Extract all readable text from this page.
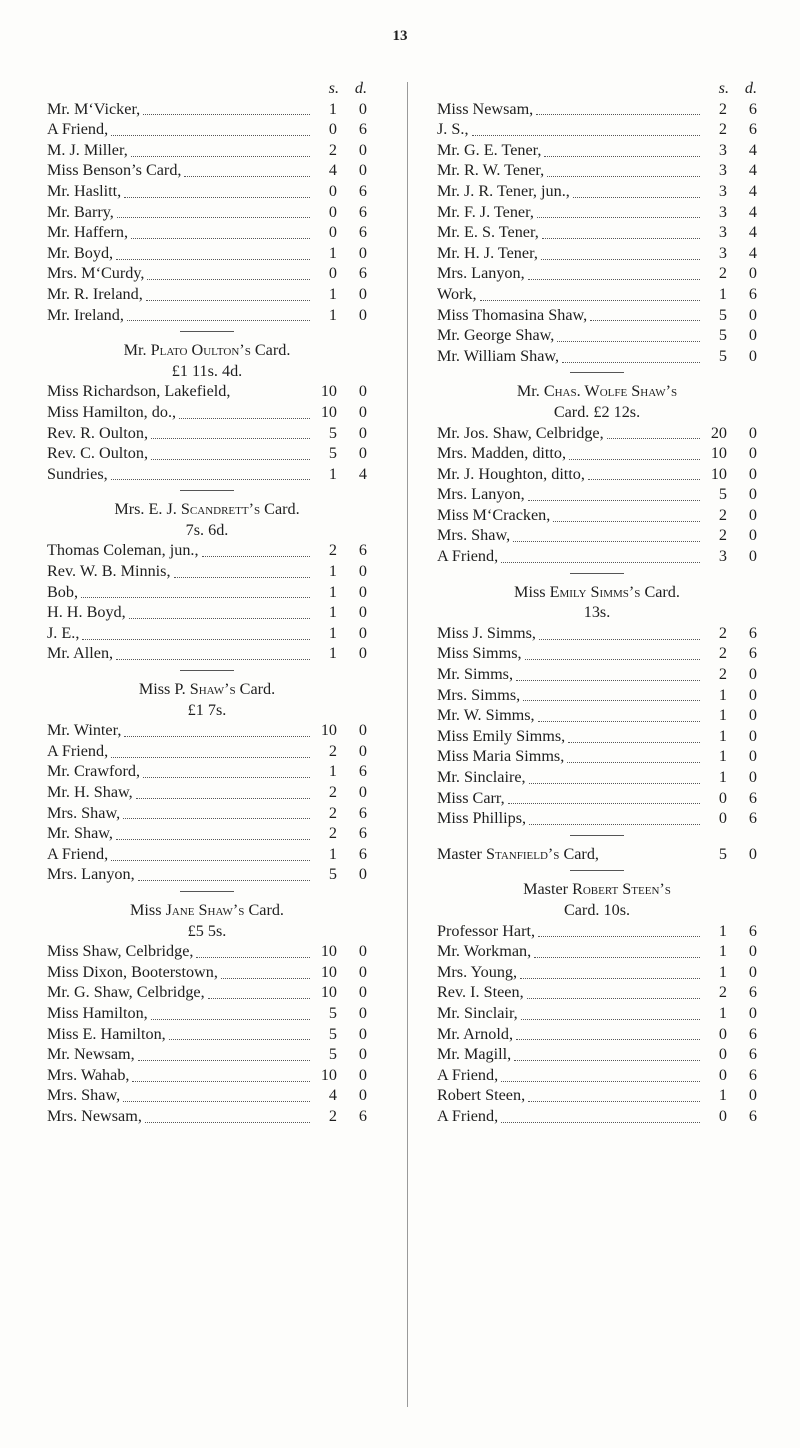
13
s. d.
Mr. M‘Vicker,	1	0
A Friend,	0	6
M. J. Miller,	2	0
Miss Benson’s Card,	4	0
Mr. Haslitt,	0	6
Mr. Barry,	0	6
Mr. Haffern,	0	6
Mr. Boyd,	1	0
Mrs. M‘Curdy,	0	6
Mr. R. Ireland,	1	0
Mr. Ireland,	1	0
Mr. Plato Oulton’s Card.
£1 11s. 4d.
Miss Richardson, Lakefield,	10	0
Miss Hamilton, do.,	10	0
Rev. R. Oulton,	5	0
Rev. C. Oulton,	5	0
Sundries,	1	4
Mrs. E. J. Scandrett’s Card.
7s. 6d.
Thomas Coleman, jun.,	2	6
Rev. W. B. Minnis,	1	0
Bob,	1	0
H. H. Boyd,	1	0
J. E.,	1	0
Mr. Allen,	1	0
Miss P. Shaw’s Card.
£1 7s.
Mr. Winter,	10	0
A Friend,	2	0
Mr. Crawford,	1	6
Mr. H. Shaw,	2	0
Mrs. Shaw,	2	6
Mr. Shaw,	2	6
A Friend,	1	6
Mrs. Lanyon,	5	0
Miss Jane Shaw’s Card.
£5 5s.
Miss Shaw, Celbridge,	10	0
Miss Dixon, Booterstown,	10	0
Mr. G. Shaw, Celbridge,	10	0
Miss Hamilton,	5	0
Miss E. Hamilton,	5	0
Mr. Newsam,	5	0
Mrs. Wahab,	10	0
Mrs. Shaw,	4	0
Mrs. Newsam,	2	6
s. d.
Miss Newsam,	2	6
J. S.,	2	6
Mr. G. E. Tener,	3	4
Mr. R. W. Tener,	3	4
Mr. J. R. Tener, jun.,	3	4
Mr. F. J. Tener,	3	4
Mr. E. S. Tener,	3	4
Mr. H. J. Tener,	3	4
Mrs. Lanyon,	2	0
Work,	1	6
Miss Thomasina Shaw,	5	0
Mr. George Shaw,	5	0
Mr. William Shaw,	5	0
Mr. Chas. Wolfe Shaw’s
Card. £2 12s.
Mr. Jos. Shaw, Celbridge,	20	0
Mrs. Madden, ditto,	10	0
Mr. J. Houghton, ditto,	10	0
Mrs. Lanyon,	5	0
Miss M‘Cracken,	2	0
Mrs. Shaw,	2	0
A Friend,	3	0
Miss Emily Simms’s Card.
13s.
Miss J. Simms,	2	6
Miss Simms,	2	6
Mr. Simms,	2	0
Mrs. Simms,	1	0
Mr. W. Simms,	1	0
Miss Emily Simms,	1	0
Miss Maria Simms,	1	0
Mr. Sinclaire,	1	0
Miss Carr,	0	6
Miss Phillips,	0	6
Master Stanfield’s Card,	5	0
Master Robert Steen’s
Card. 10s.
Professor Hart,	1	6
Mr. Workman,	1	0
Mrs. Young,	1	0
Rev. I. Steen,	2	6
Mr. Sinclair,	1	0
Mr. Arnold,	0	6
Mr. Magill,	0	6
A Friend,	0	6
Robert Steen,	1	0
A Friend,	0	6
